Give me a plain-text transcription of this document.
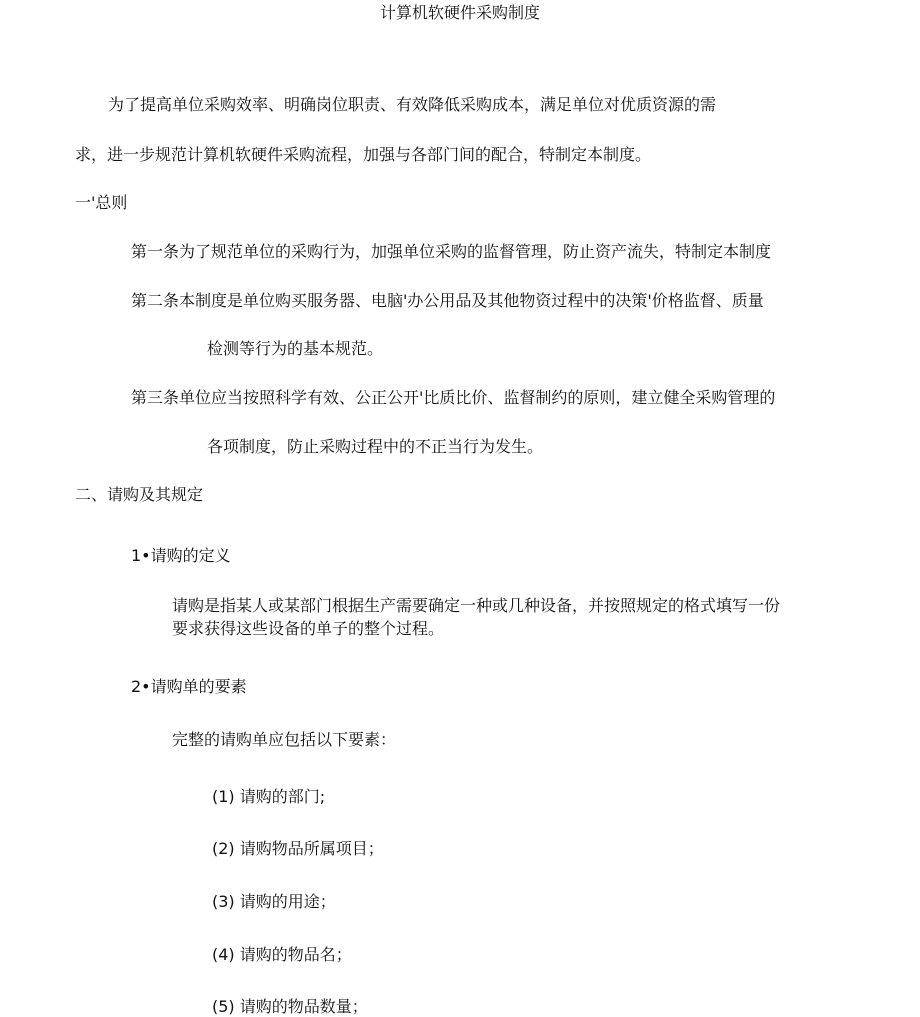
计算机软硬件采购制度
为了提高单位采购效率、明确岗位职责、有效降低采购成本，满足单位对优质资源的需
求，进一步规范计算机软硬件采购流程，加强与各部门间的配合，特制定本制度。
一'总则
第一条为了规范单位的采购行为，加强单位采购的监督管理，防止资产流失，特制定本制度
第二条本制度是单位购买服务器、电脑'办公用品及其他物资过程中的决策'价格监督、质量
检测等行为的基本规范。
第三条单位应当按照科学有效、公正公开'比质比价、监督制约的原则，建立健全采购管理的
各项制度，防止采购过程中的不正当行为发生。
二、请购及其规定
1•请购的定义
请购是指某人或某部门根据生产需要确定一种或几种设备，并按照规定的格式填写一份
要求获得这些设备的单子的整个过程。
2•请购单的要素
完整的请购单应包括以下要素：
(1) 请购的部门;
(2) 请购物品所属项目；
(3) 请购的用途；
(4) 请购的物品名；
(5) 请购的物品数量；
